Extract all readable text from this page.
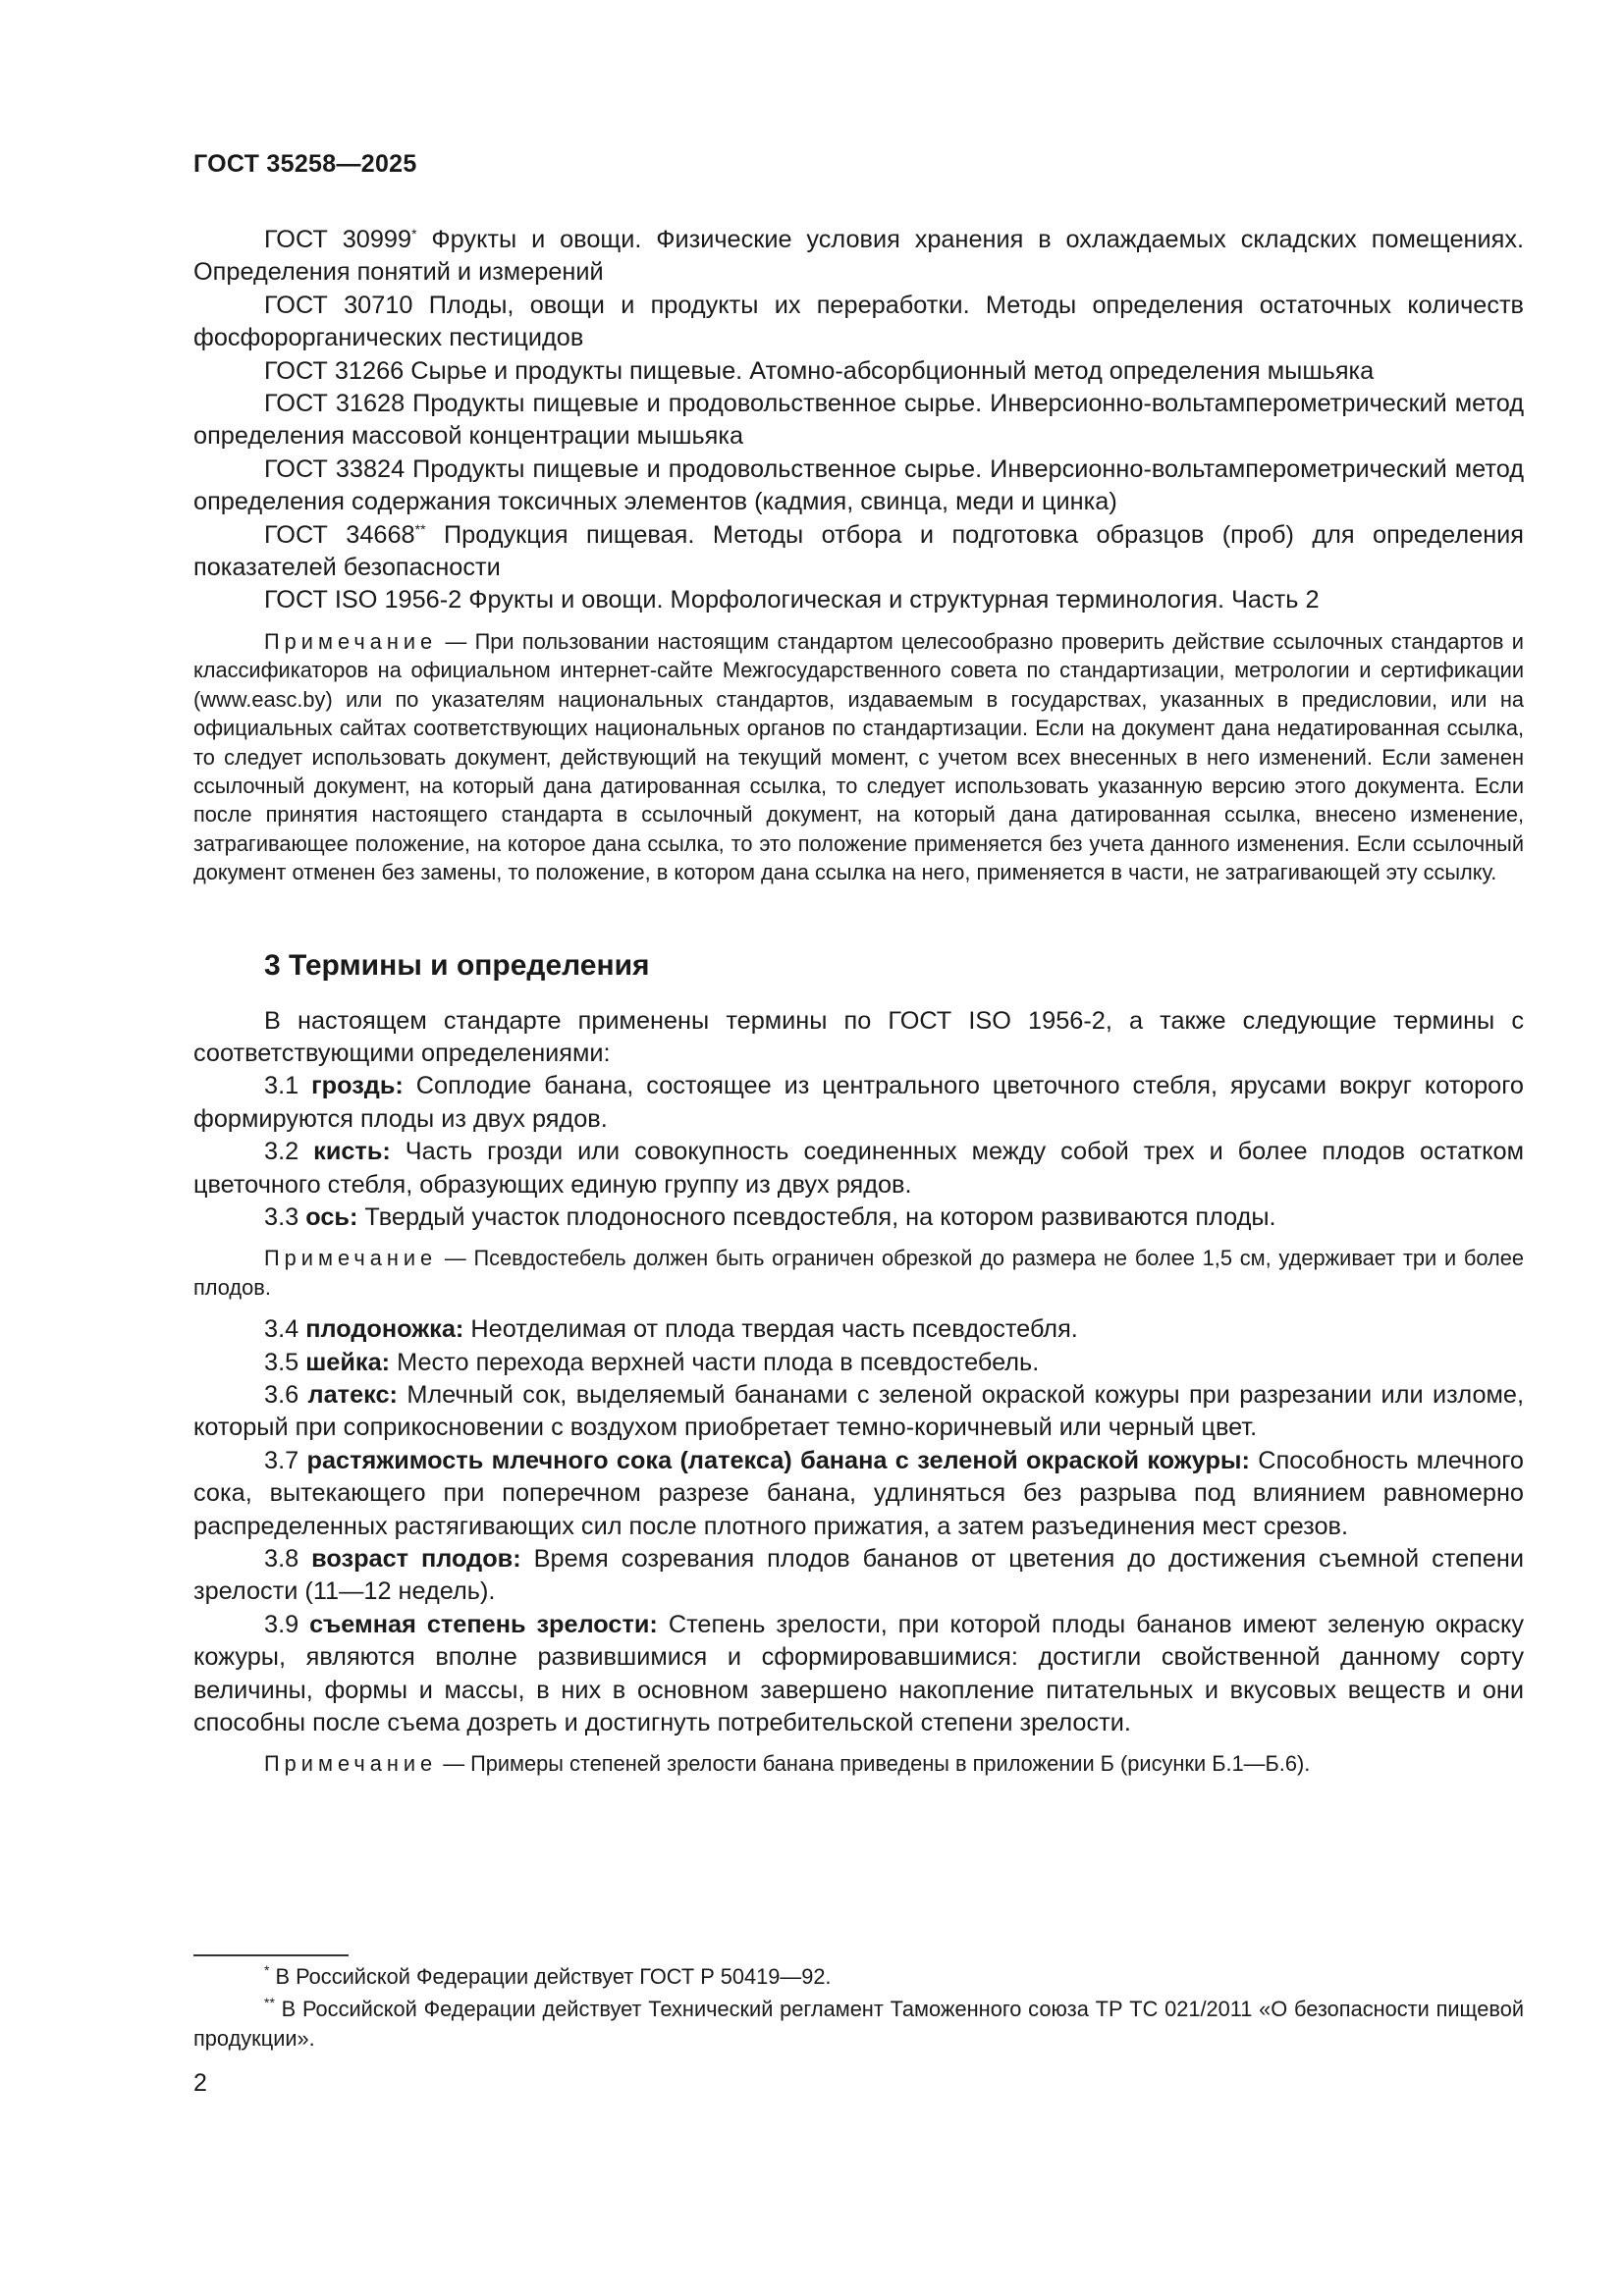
ГОСТ 35258—2025

ГОСТ 30999* Фрукты и овощи. Физические условия хранения в охлаждаемых складских помещениях. Определения понятий и измерений

ГОСТ 30710 Плоды, овощи и продукты их переработки. Методы определения остаточных количеств фосфорорганических пестицидов

ГОСТ 31266 Сырье и продукты пищевые. Атомно-абсорбционный метод определения мышьяка

ГОСТ 31628 Продукты пищевые и продовольственное сырье. Инверсионно-вольтамперометрический метод определения массовой концентрации мышьяка

ГОСТ 33824 Продукты пищевые и продовольственное сырье. Инверсионно-вольтамперометрический метод определения содержания токсичных элементов (кадмия, свинца, меди и цинка)

ГОСТ 34668** Продукция пищевая. Методы отбора и подготовка образцов (проб) для определения показателей безопасности

ГОСТ ISO 1956-2 Фрукты и овощи. Морфологическая и структурная терминология. Часть 2

Примечание — При пользовании настоящим стандартом целесообразно проверить действие ссылочных стандартов и классификаторов на официальном интернет-сайте Межгосударственного совета по стандартизации, метрологии и сертификации (www.easc.by) или по указателям национальных стандартов, издаваемым в государствах, указанных в предисловии, или на официальных сайтах соответствующих национальных органов по стандартизации. Если на документ дана недатированная ссылка, то следует использовать документ, действующий на текущий момент, с учетом всех внесенных в него изменений. Если заменен ссылочный документ, на который дана датированная ссылка, то следует использовать указанную версию этого документа. Если после принятия настоящего стандарта в ссылочный документ, на который дана датированная ссылка, внесено изменение, затрагивающее положение, на которое дана ссылка, то это положение применяется без учета данного изменения. Если ссылочный документ отменен без замены, то положение, в котором дана ссылка на него, применяется в части, не затрагивающей эту ссылку.
3 Термины и определения

В настоящем стандарте применены термины по ГОСТ ISO 1956-2, а также следующие термины с соответствующими определениями:

3.1 гроздь: Соплодие банана, состоящее из центрального цветочного стебля, ярусами вокруг которого формируются плоды из двух рядов.

3.2 кисть: Часть грозди или совокупность соединенных между собой трех и более плодов остатком цветочного стебля, образующих единую группу из двух рядов.

3.3 ось: Твердый участок плодоносного псевдостебля, на котором развиваются плоды.

Примечание — Псевдостебель должен быть ограничен обрезкой до размера не более 1,5 см, удерживает три и более плодов.

3.4 плодоножка: Неотделимая от плода твердая часть псевдостебля.

3.5 шейка: Место перехода верхней части плода в псевдостебель.

3.6 латекс: Млечный сок, выделяемый бананами с зеленой окраской кожуры при разрезании или изломе, который при соприкосновении с воздухом приобретает темно-коричневый или черный цвет.

3.7 растяжимость млечного сока (латекса) банана с зеленой окраской кожуры: Способность млечного сока, вытекающего при поперечном разрезе банана, удлиняться без разрыва под влиянием равномерно распределенных растягивающих сил после плотного прижатия, а затем разъединения мест срезов.

3.8 возраст плодов: Время созревания плодов бананов от цветения до достижения съемной степени зрелости (11—12 недель).

3.9 съемная степень зрелости: Степень зрелости, при которой плоды бананов имеют зеленую окраску кожуры, являются вполне развившимися и сформировавшимися: достигли свойственной данному сорту величины, формы и массы, в них в основном завершено накопление питательных и вкусовых веществ и они способны после съема дозреть и достигнуть потребительской степени зрелости.

Примечание — Примеры степеней зрелости банана приведены в приложении Б (рисунки Б.1—Б.6).
* В Российской Федерации действует ГОСТ Р 50419—92.
** В Российской Федерации действует Технический регламент Таможенного союза ТР ТС 021/2011 «О безопасности пищевой продукции».
2
